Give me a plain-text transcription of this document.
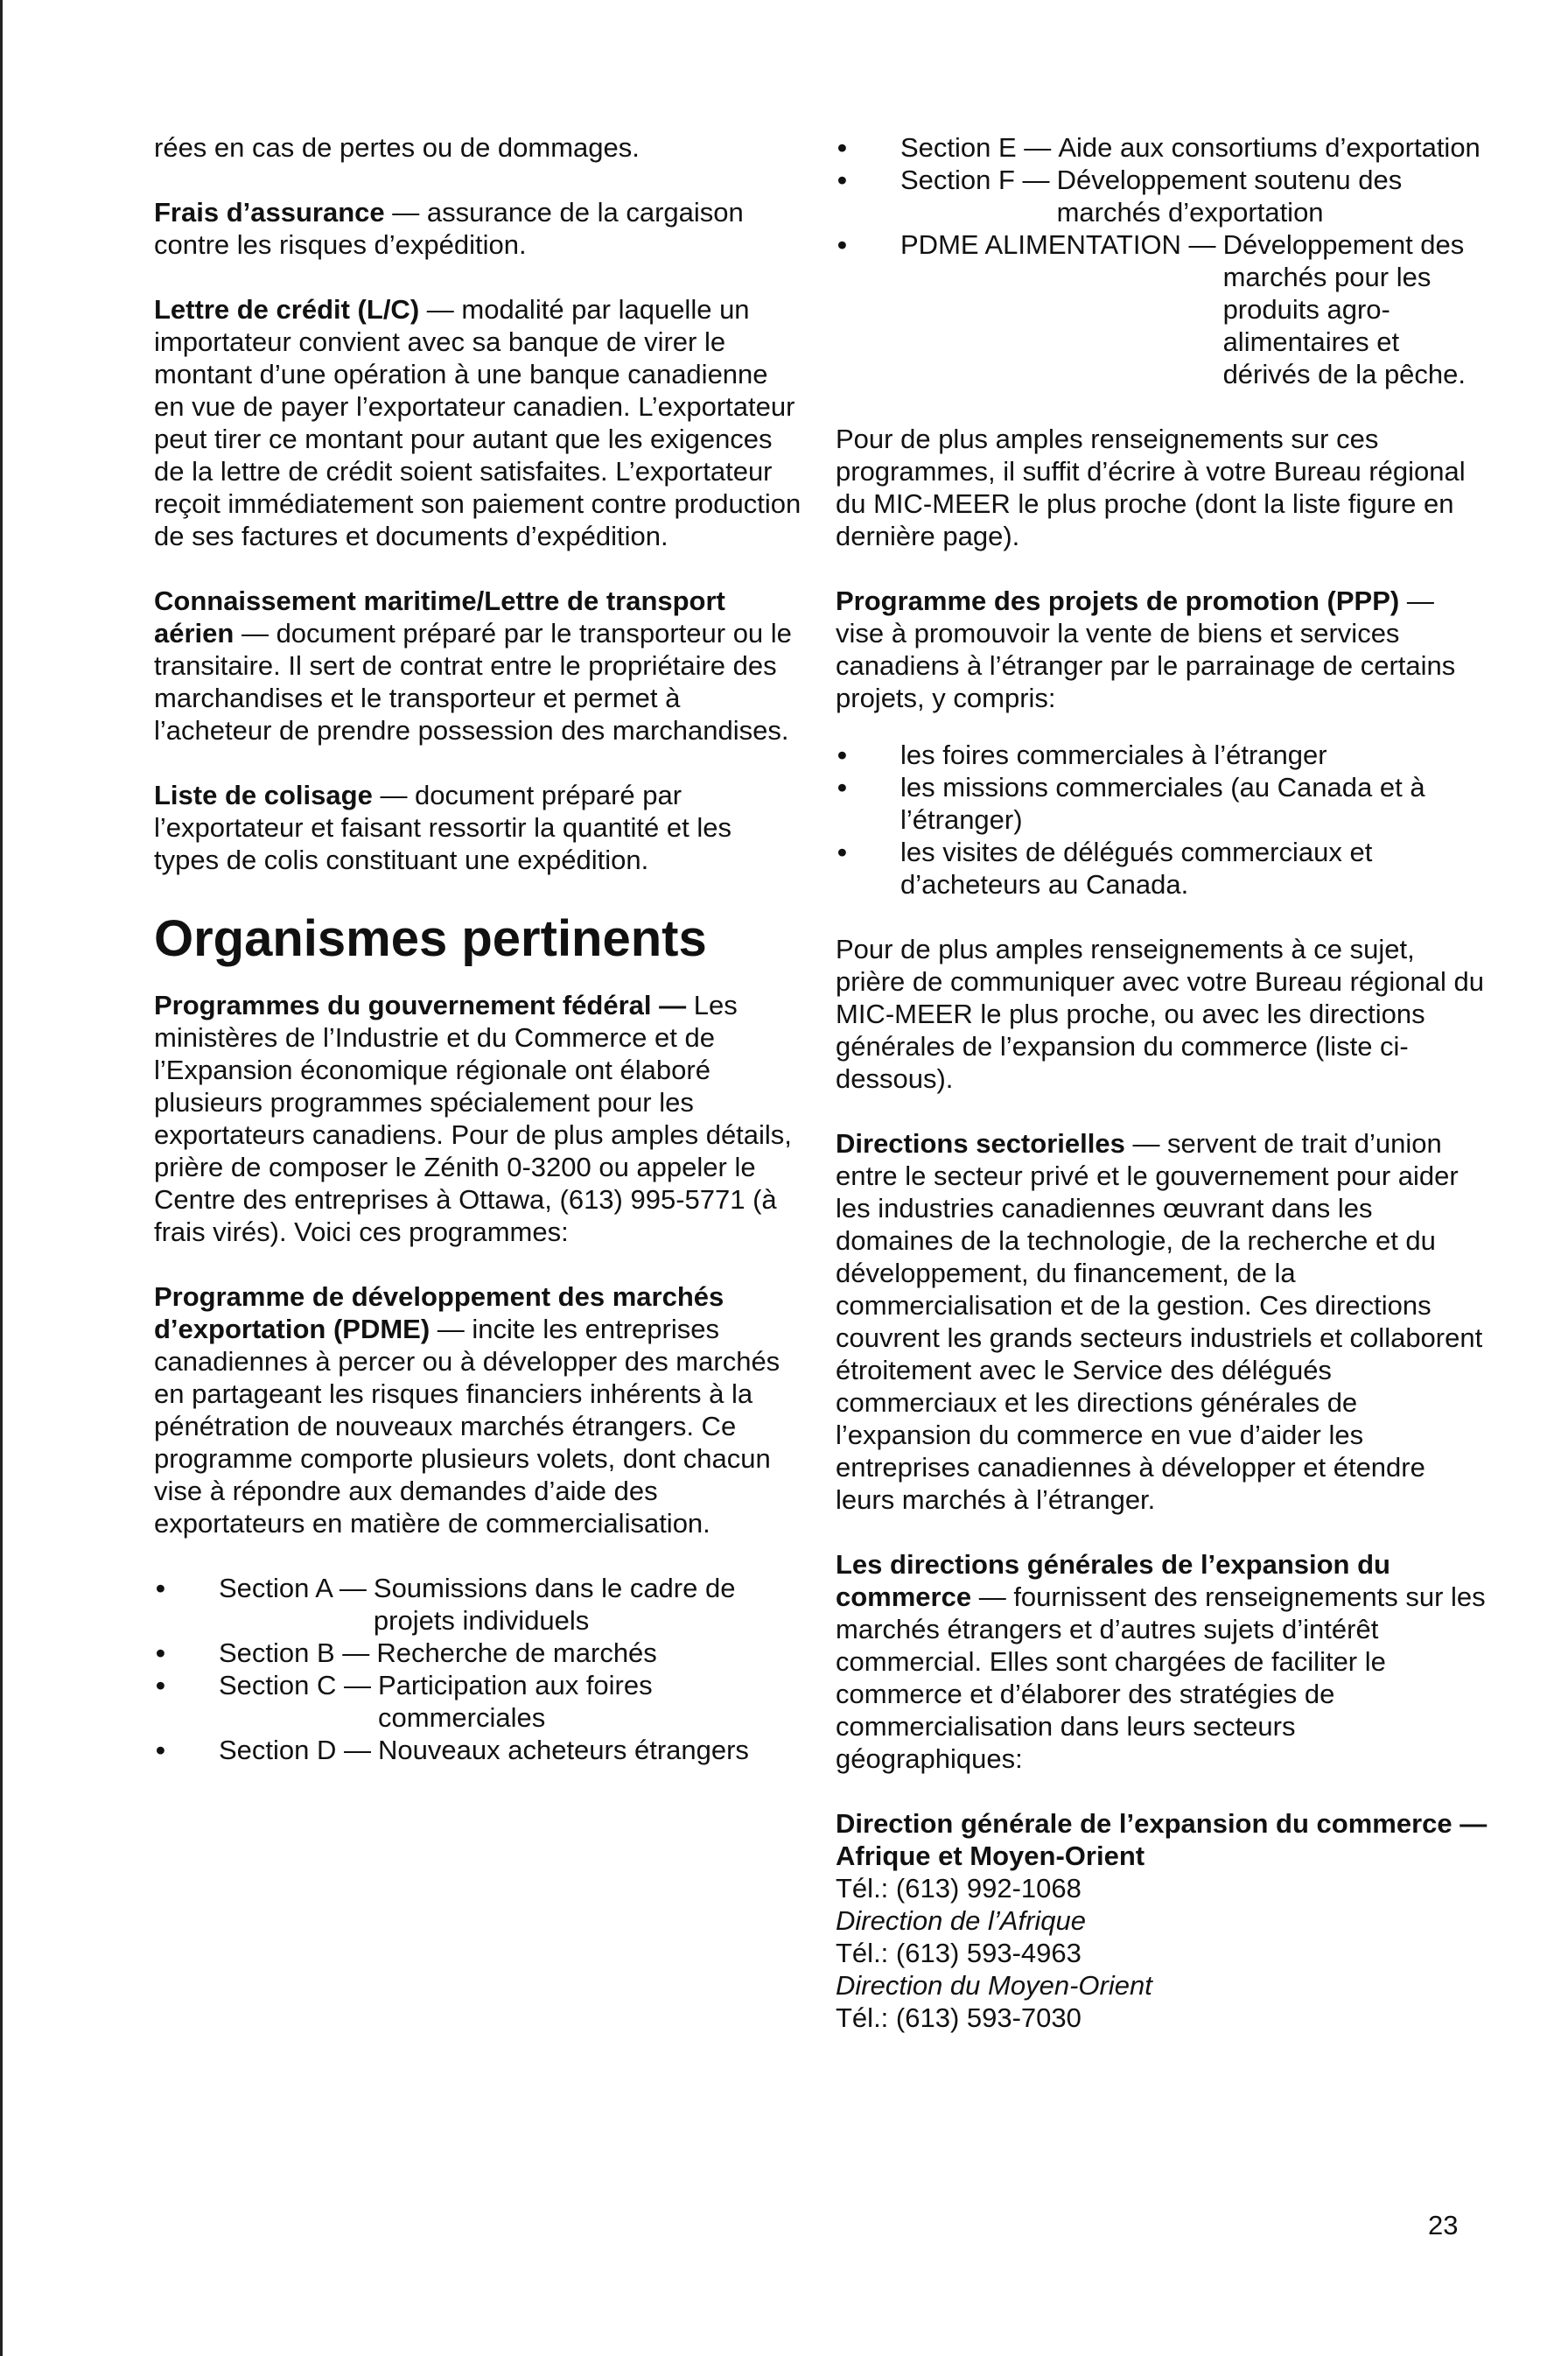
rées en cas de pertes ou de dommages.

Frais d’assurance — assurance de la cargaison contre les risques d’expédition.

Lettre de crédit (L/C) — modalité par laquelle un importateur convient avec sa banque de virer le montant d’une opération à une banque canadienne en vue de payer l’exportateur canadien. L’exportateur peut tirer ce montant pour autant que les exigences de la lettre de crédit soient satisfaites. L’exportateur reçoit immédiatement son paiement contre production de ses factures et documents d’expédition.

Connaissement maritime/Lettre de transport aérien — document préparé par le transporteur ou le transitaire. Il sert de contrat entre le propriétaire des marchandises et le transporteur et permet à l’acheteur de prendre possession des marchandises.

Liste de colisage — document préparé par l’exportateur et faisant ressortir la quantité et les types de colis constituant une expédition.

Organismes pertinents

Programmes du gouvernement fédéral — Les ministères de l’Industrie et du Commerce et de l’Expansion économique régionale ont élaboré plusieurs programmes spécialement pour les exportateurs canadiens. Pour de plus amples détails, prière de composer le Zénith 0-3200 ou appeler le Centre des entreprises à Ottawa, (613) 995-5771 (à frais virés). Voici ces programmes:

Programme de développement des marchés d’exportation (PDME) — incite les entreprises canadiennes à percer ou à développer des marchés en partageant les risques financiers inhérents à la pénétration de nouveaux marchés étrangers. Ce programme comporte plusieurs volets, dont chacun vise à répondre aux demandes d’aide des exportateurs en matière de commercialisation.

• Section A — Soumissions dans le cadre de projets individuels
• Section B — Recherche de marchés
• Section C — Participation aux foires commerciales
• Section D — Nouveaux acheteurs étrangers
• Section E — Aide aux consortiums d’exportation
• Section F — Développement soutenu des marchés d’exportation
• PDME ALIMENTATION — Développement des marchés pour les produits agro-alimentaires et dérivés de la pêche.

Pour de plus amples renseignements sur ces programmes, il suffit d’écrire à votre Bureau régional du MIC-MEER le plus proche (dont la liste figure en dernière page).

Programme des projets de promotion (PPP) — vise à promouvoir la vente de biens et services canadiens à l’étranger par le parrainage de certains projets, y compris:

• les foires commerciales à l’étranger
• les missions commerciales (au Canada et à l’étranger)
• les visites de délégués commerciaux et d’acheteurs au Canada.

Pour de plus amples renseignements à ce sujet, prière de communiquer avec votre Bureau régional du MIC-MEER le plus proche, ou avec les directions générales de l’expansion du commerce (liste ci-dessous).

Directions sectorielles — servent de trait d’union entre le secteur privé et le gouvernement pour aider les industries canadiennes œuvrant dans les domaines de la technologie, de la recherche et du développement, du financement, de la commercialisation et de la gestion. Ces directions couvrent les grands secteurs industriels et collaborent étroitement avec le Service des délégués commerciaux et les directions générales de l’expansion du commerce en vue d’aider les entreprises canadiennes à développer et étendre leurs marchés à l’étranger.

Les directions générales de l’expansion du commerce — fournissent des renseignements sur les marchés étrangers et d’autres sujets d’intérêt commercial. Elles sont chargées de faciliter le commerce et d’élaborer des stratégies de commercialisation dans leurs secteurs géographiques:

Direction générale de l’expansion du commerce — Afrique et Moyen-Orient
Tél.: (613) 992-1068
Direction de l’Afrique
Tél.: (613) 593-4963
Direction du Moyen-Orient
Tél.: (613) 593-7030
23
